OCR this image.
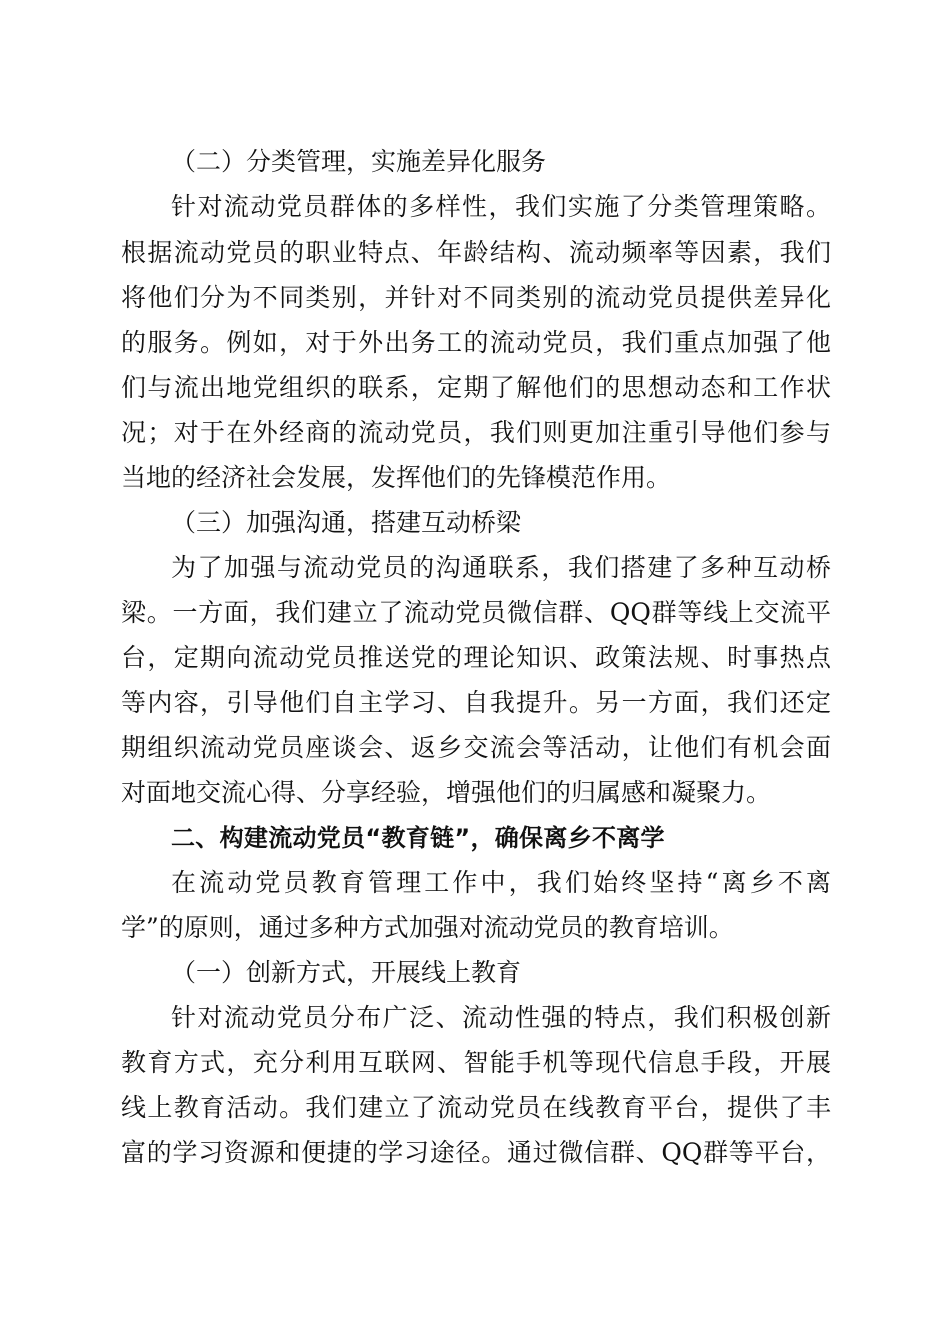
（二）分类管理，实施差异化服务
针对流动党员群体的多样性，我们实施了分类管理策略。
根据流动党员的职业特点、年龄结构、流动频率等因素，我们
将他们分为不同类别，并针对不同类别的流动党员提供差异化
的服务。例如，对于外出务工的流动党员，我们重点加强了他
们与流出地党组织的联系，定期了解他们的思想动态和工作状
况；对于在外经商的流动党员，我们则更加注重引导他们参与
当地的经济社会发展，发挥他们的先锋模范作用。
（三）加强沟通，搭建互动桥梁
为了加强与流动党员的沟通联系，我们搭建了多种互动桥
梁。一方面，我们建立了流动党员微信群、QQ群等线上交流平
台，定期向流动党员推送党的理论知识、政策法规、时事热点
等内容，引导他们自主学习、自我提升。另一方面，我们还定
期组织流动党员座谈会、返乡交流会等活动，让他们有机会面
对面地交流心得、分享经验，增强他们的归属感和凝聚力。
二、构建流动党员“教育链”，确保离乡不离学
在流动党员教育管理工作中，我们始终坚持“离乡不离
学”的原则，通过多种方式加强对流动党员的教育培训。
（一）创新方式，开展线上教育
针对流动党员分布广泛、流动性强的特点，我们积极创新
教育方式，充分利用互联网、智能手机等现代信息手段，开展
线上教育活动。我们建立了流动党员在线教育平台，提供了丰
富的学习资源和便捷的学习途径。通过微信群、QQ群等平台，
